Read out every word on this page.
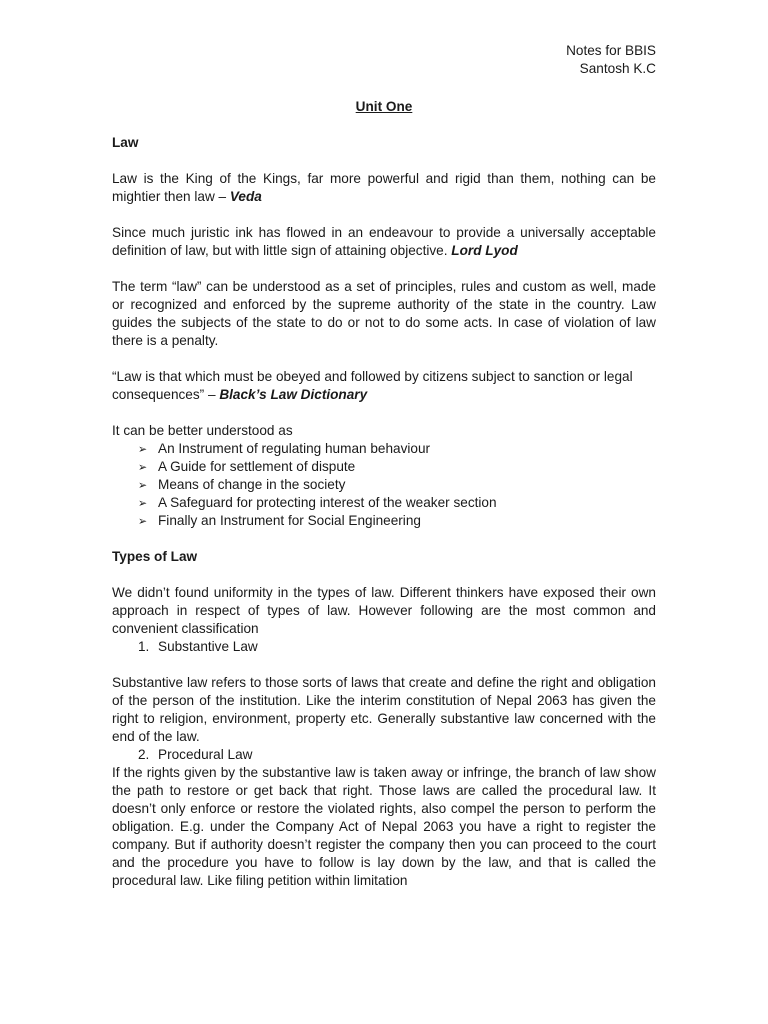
Notes for BBIS
Santosh K.C
Unit One
Law

Law is the King of the Kings, far more powerful and rigid than them, nothing can be mightier then law – Veda

Since much juristic ink has flowed in an endeavour to provide a universally acceptable definition of law, but with little sign of attaining objective. Lord Lyod

The term “law” can be understood as a set of principles, rules and custom as well, made or recognized and enforced by the supreme authority of the state in the country. Law guides the subjects of the state to do or not to do some acts. In case of violation of law there is a penalty.

“Law is that which must be obeyed and followed by citizens subject to sanction or legal consequences” – Black’s Law Dictionary

It can be better understood as

➢ An Instrument of regulating human behaviour
➢ A Guide for settlement of dispute
➢ Means of change in the society
➢ A Safeguard for protecting interest of the weaker section
➢ Finally an Instrument for Social Engineering
Types of Law

We didn’t found uniformity in the types of law. Different thinkers have exposed their own approach in respect of types of law. However following are the most common and convenient classification

1. Substantive Law

Substantive law refers to those sorts of laws that create and define the right and obligation of the person of the institution. Like the interim constitution of Nepal 2063 has given the right to religion, environment, property etc. Generally substantive law concerned with the end of the law.

2. Procedural Law

If the rights given by the substantive law is taken away or infringe, the branch of law show the path to restore or get back that right. Those laws are called the procedural law. It doesn’t only enforce or restore the violated rights, also compel the person to perform the obligation. E.g. under the Company Act of Nepal 2063 you have a right to register the company. But if authority doesn’t register the company then you can proceed to the court and the procedure you have to follow is lay down by the law, and that is called the procedural law. Like filing petition within limitation
